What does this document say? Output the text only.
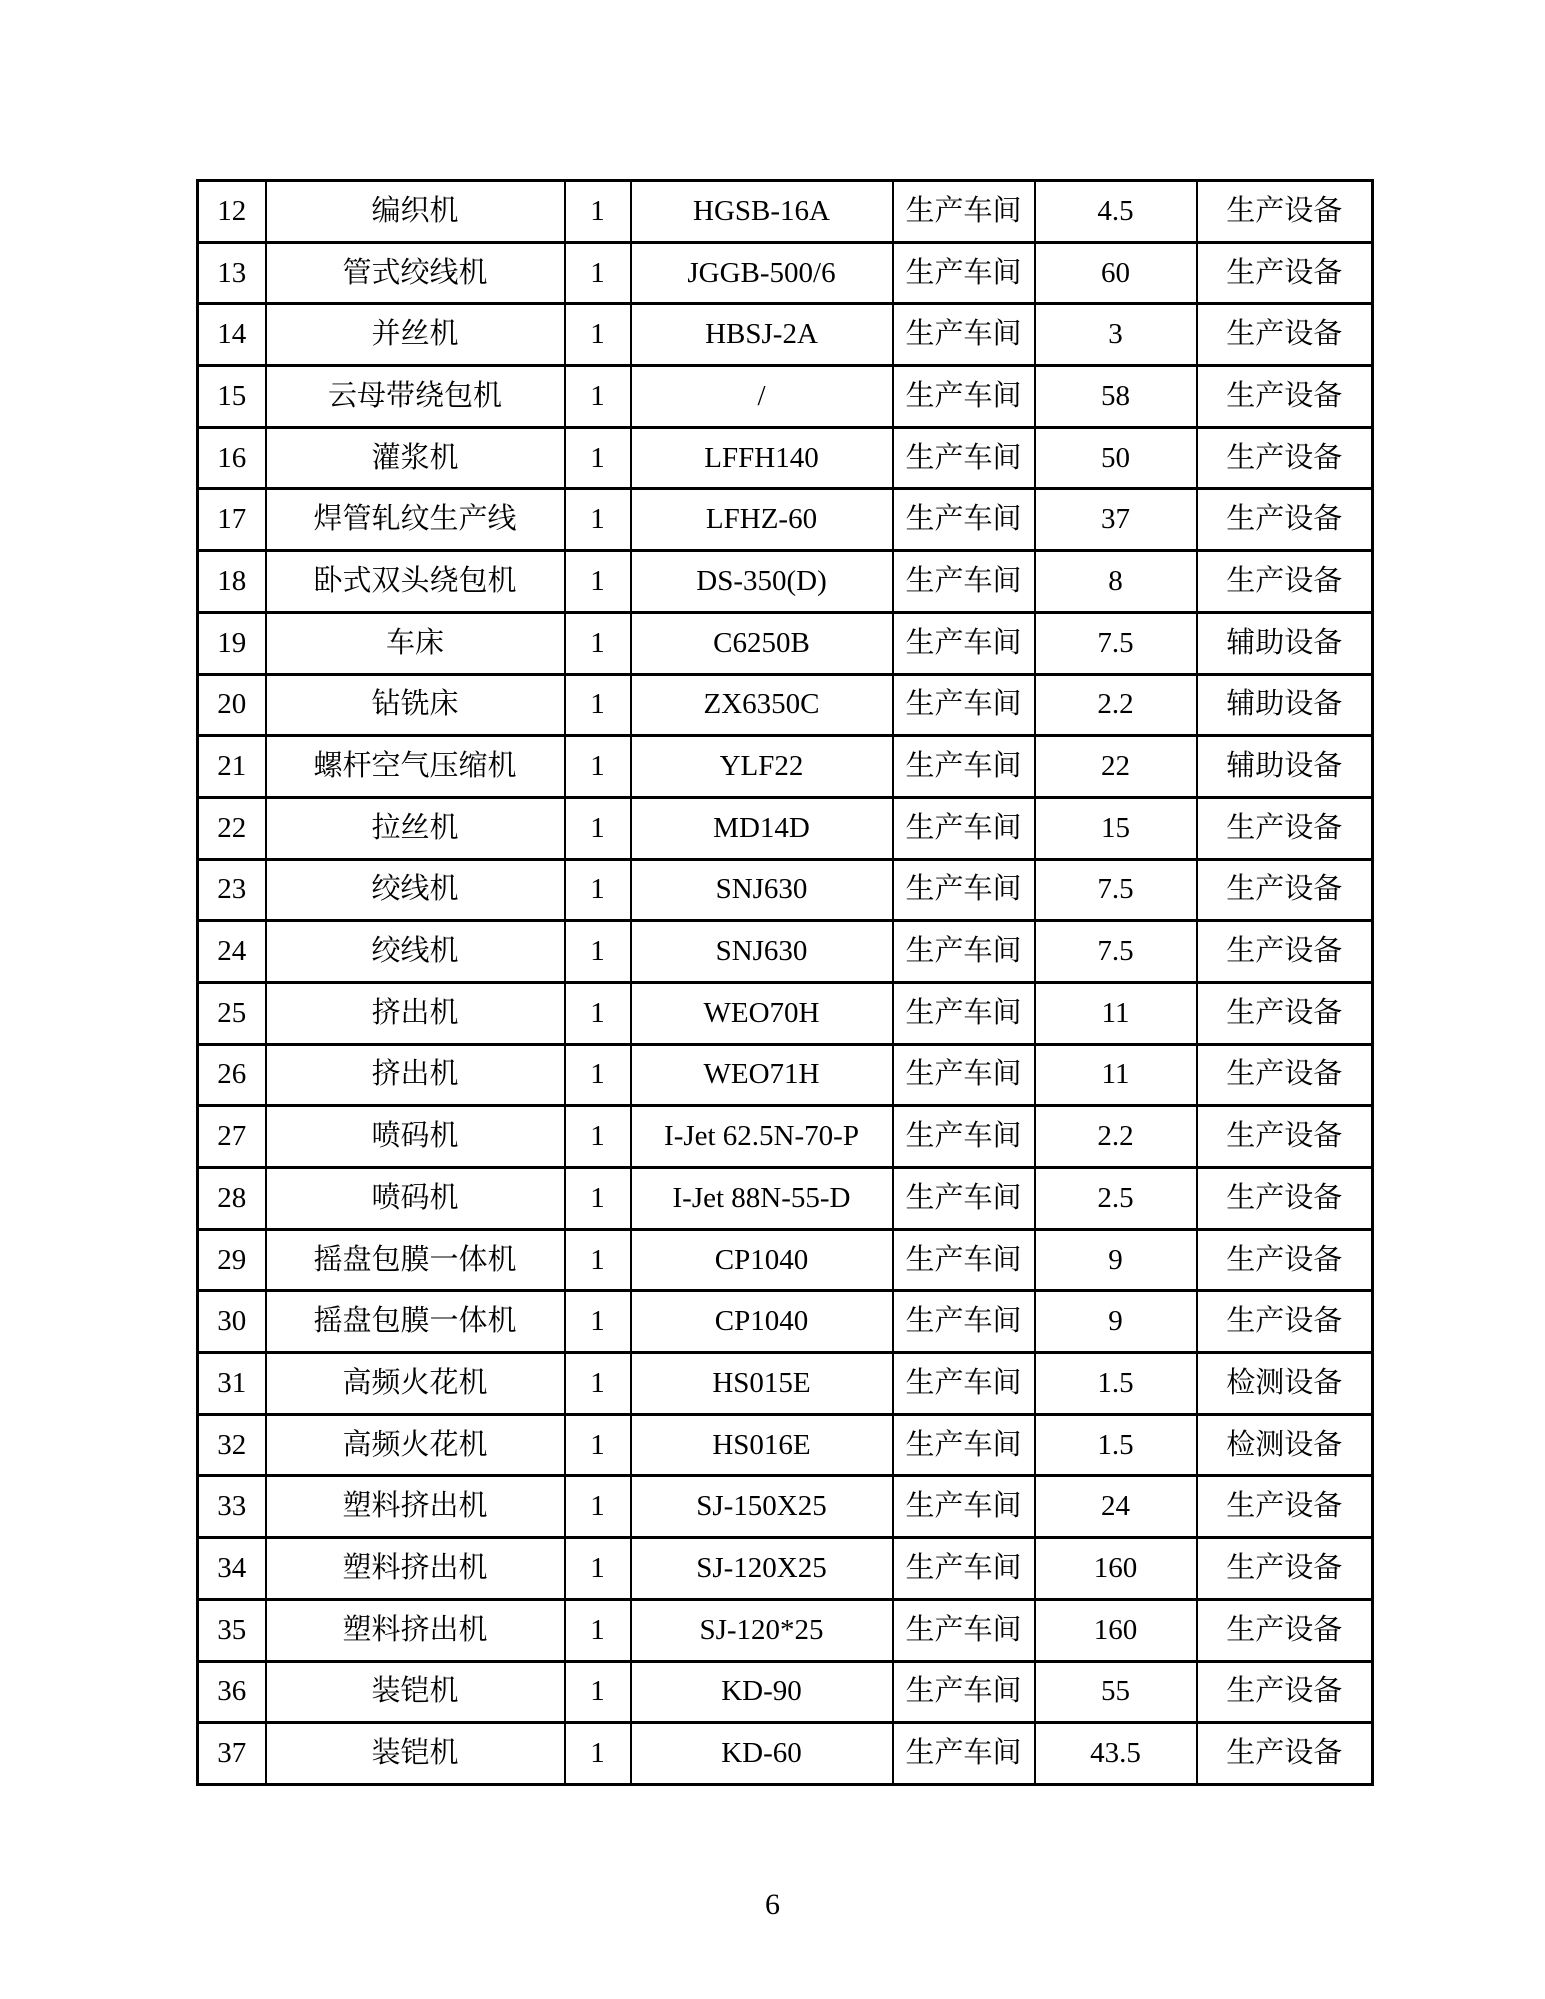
12	编织机	1	HGSB-16A	生产车间	4.5	生产设备
13	管式绞线机	1	JGGB-500/6	生产车间	60	生产设备
14	并丝机	1	HBSJ-2A	生产车间	3	生产设备
15	云母带绕包机	1	/	生产车间	58	生产设备
16	灌浆机	1	LFFH140	生产车间	50	生产设备
17	焊管轧纹生产线	1	LFHZ-60	生产车间	37	生产设备
18	卧式双头绕包机	1	DS-350(D)	生产车间	8	生产设备
19	车床	1	C6250B	生产车间	7.5	辅助设备
20	钻铣床	1	ZX6350C	生产车间	2.2	辅助设备
21	螺杆空气压缩机	1	YLF22	生产车间	22	辅助设备
22	拉丝机	1	MD14D	生产车间	15	生产设备
23	绞线机	1	SNJ630	生产车间	7.5	生产设备
24	绞线机	1	SNJ630	生产车间	7.5	生产设备
25	挤出机	1	WEO70H	生产车间	11	生产设备
26	挤出机	1	WEO71H	生产车间	11	生产设备
27	喷码机	1	I-Jet 62.5N-70-P	生产车间	2.2	生产设备
28	喷码机	1	I-Jet 88N-55-D	生产车间	2.5	生产设备
29	摇盘包膜一体机	1	CP1040	生产车间	9	生产设备
30	摇盘包膜一体机	1	CP1040	生产车间	9	生产设备
31	高频火花机	1	HS015E	生产车间	1.5	检测设备
32	高频火花机	1	HS016E	生产车间	1.5	检测设备
33	塑料挤出机	1	SJ-150X25	生产车间	24	生产设备
34	塑料挤出机	1	SJ-120X25	生产车间	160	生产设备
35	塑料挤出机	1	SJ-120*25	生产车间	160	生产设备
36	装铠机	1	KD-90	生产车间	55	生产设备
37	装铠机	1	KD-60	生产车间	43.5	生产设备
6
